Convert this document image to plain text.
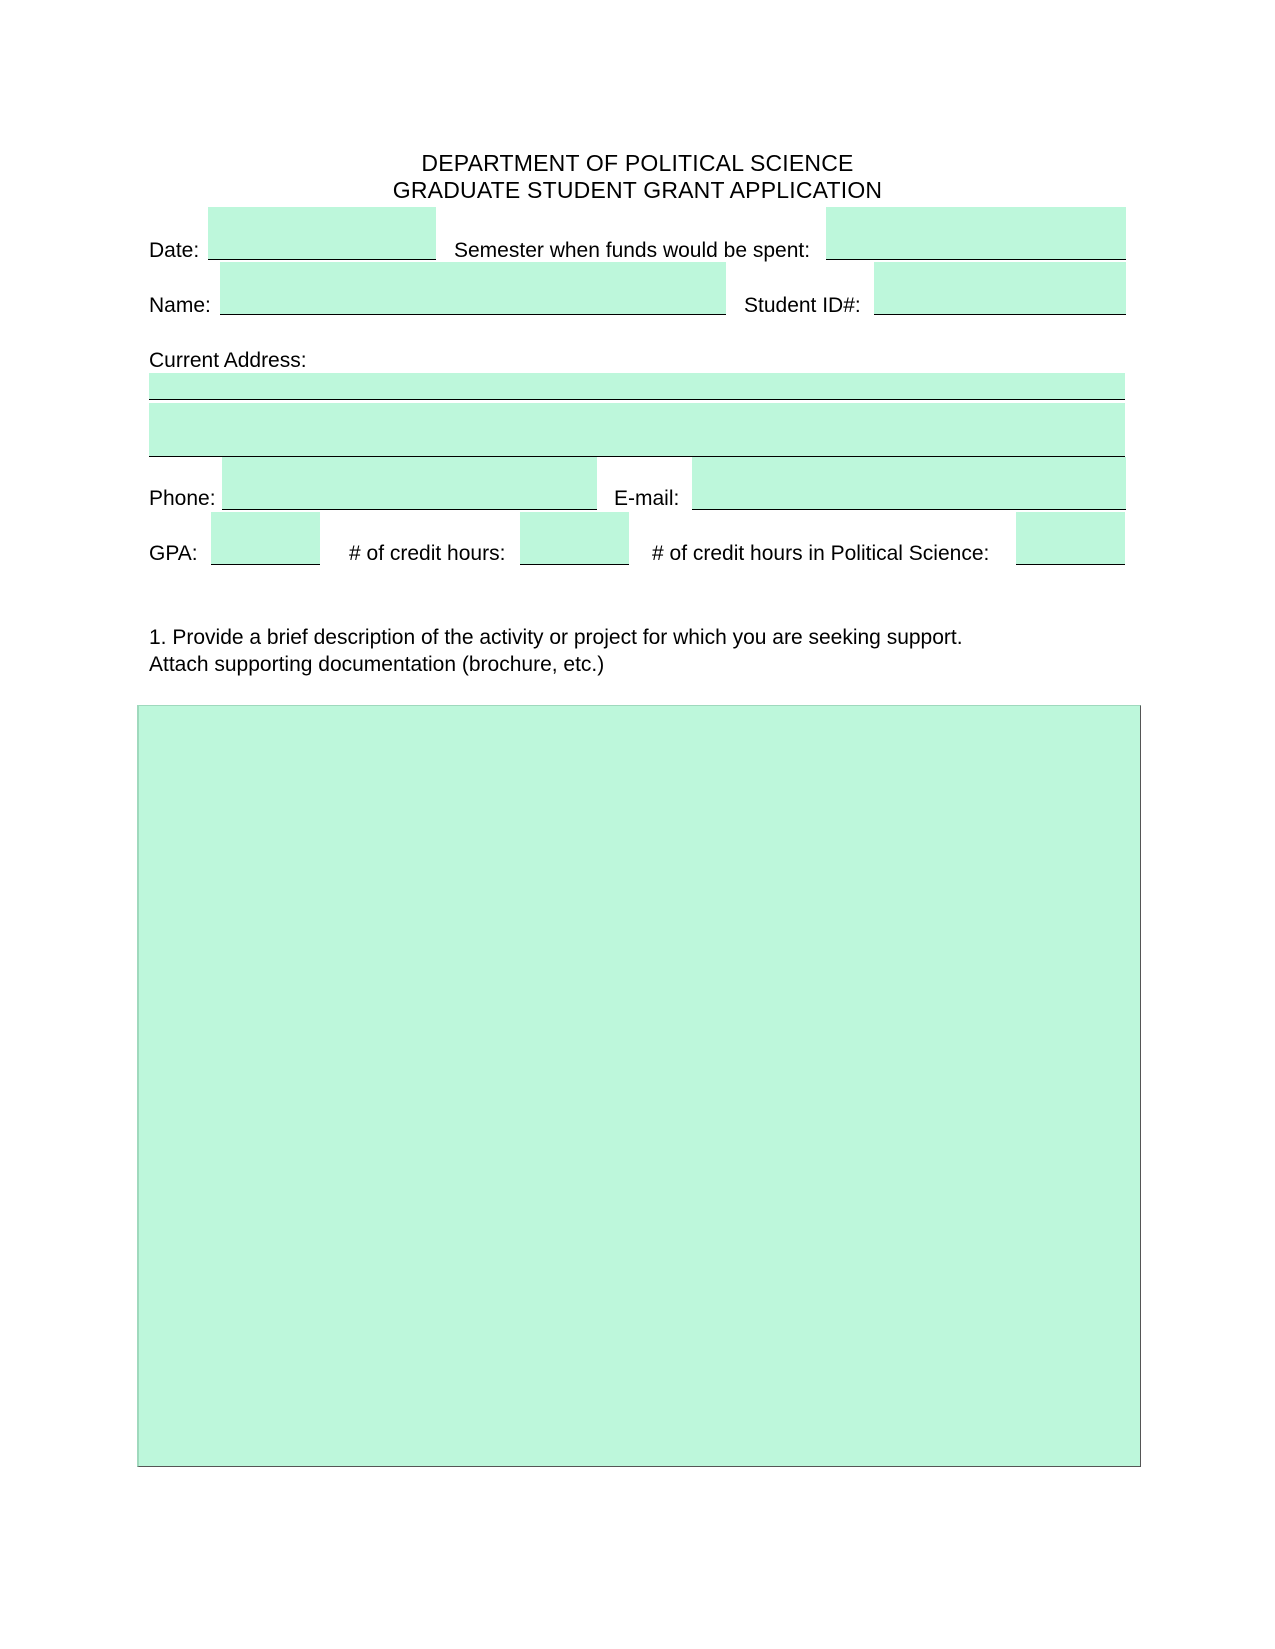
DEPARTMENT OF POLITICAL SCIENCE
GRADUATE STUDENT GRANT APPLICATION
Date:	Semester when funds would be spent:
Name:	Student ID#:
Current Address:
Phone:	E-mail:
GPA:	# of credit hours:	# of credit hours in Political Science:
1. Provide a brief description of the activity or project for which you are seeking support.
Attach supporting documentation (brochure, etc.)
